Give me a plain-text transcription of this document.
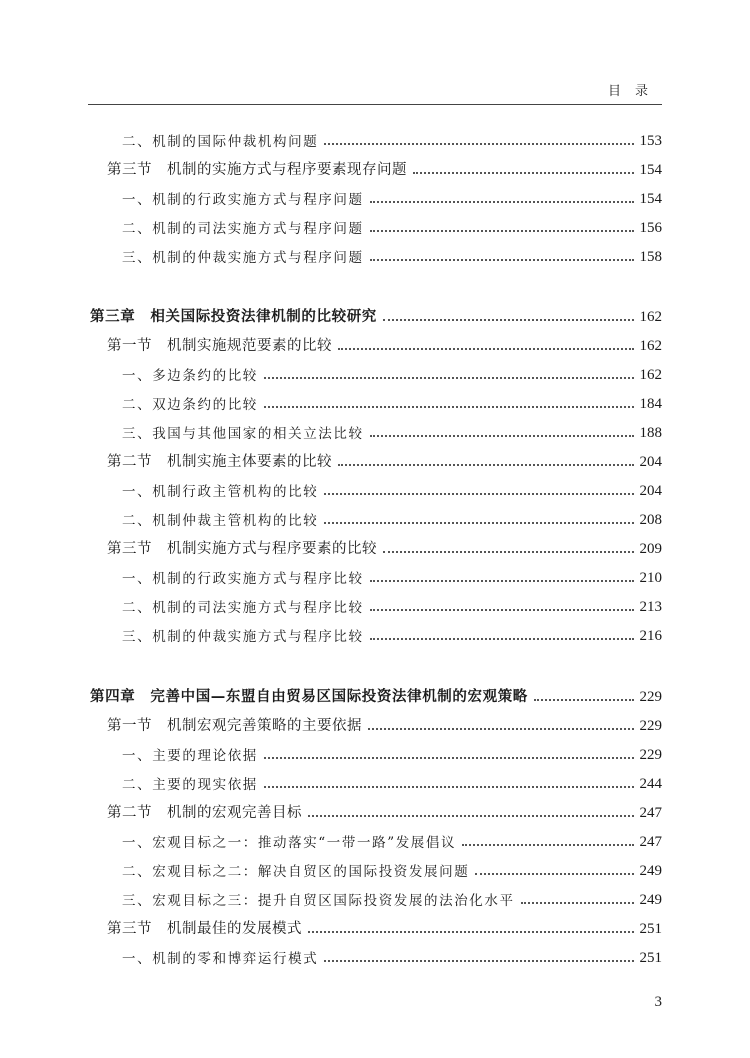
目录
二、机制的国际仲裁机构问题	153
第三节　机制的实施方式与程序要素现存问题	154
一、机制的行政实施方式与程序问题	154
二、机制的司法实施方式与程序问题	156
三、机制的仲裁实施方式与程序问题	158
第三章　相关国际投资法律机制的比较研究	162
第一节　机制实施规范要素的比较	162
一、多边条约的比较	162
二、双边条约的比较	184
三、我国与其他国家的相关立法比较	188
第二节　机制实施主体要素的比较	204
一、机制行政主管机构的比较	204
二、机制仲裁主管机构的比较	208
第三节　机制实施方式与程序要素的比较	209
一、机制的行政实施方式与程序比较	210
二、机制的司法实施方式与程序比较	213
三、机制的仲裁实施方式与程序比较	216
第四章　完善中国—东盟自由贸易区国际投资法律机制的宏观策略	229
第一节　机制宏观完善策略的主要依据	229
一、主要的理论依据	229
二、主要的现实依据	244
第二节　机制的宏观完善目标	247
一、宏观目标之一：推动落实“一带一路”发展倡议	247
二、宏观目标之二：解决自贸区的国际投资发展问题	249
三、宏观目标之三：提升自贸区国际投资发展的法治化水平	249
第三节　机制最佳的发展模式	251
一、机制的零和博弈运行模式	251
3
